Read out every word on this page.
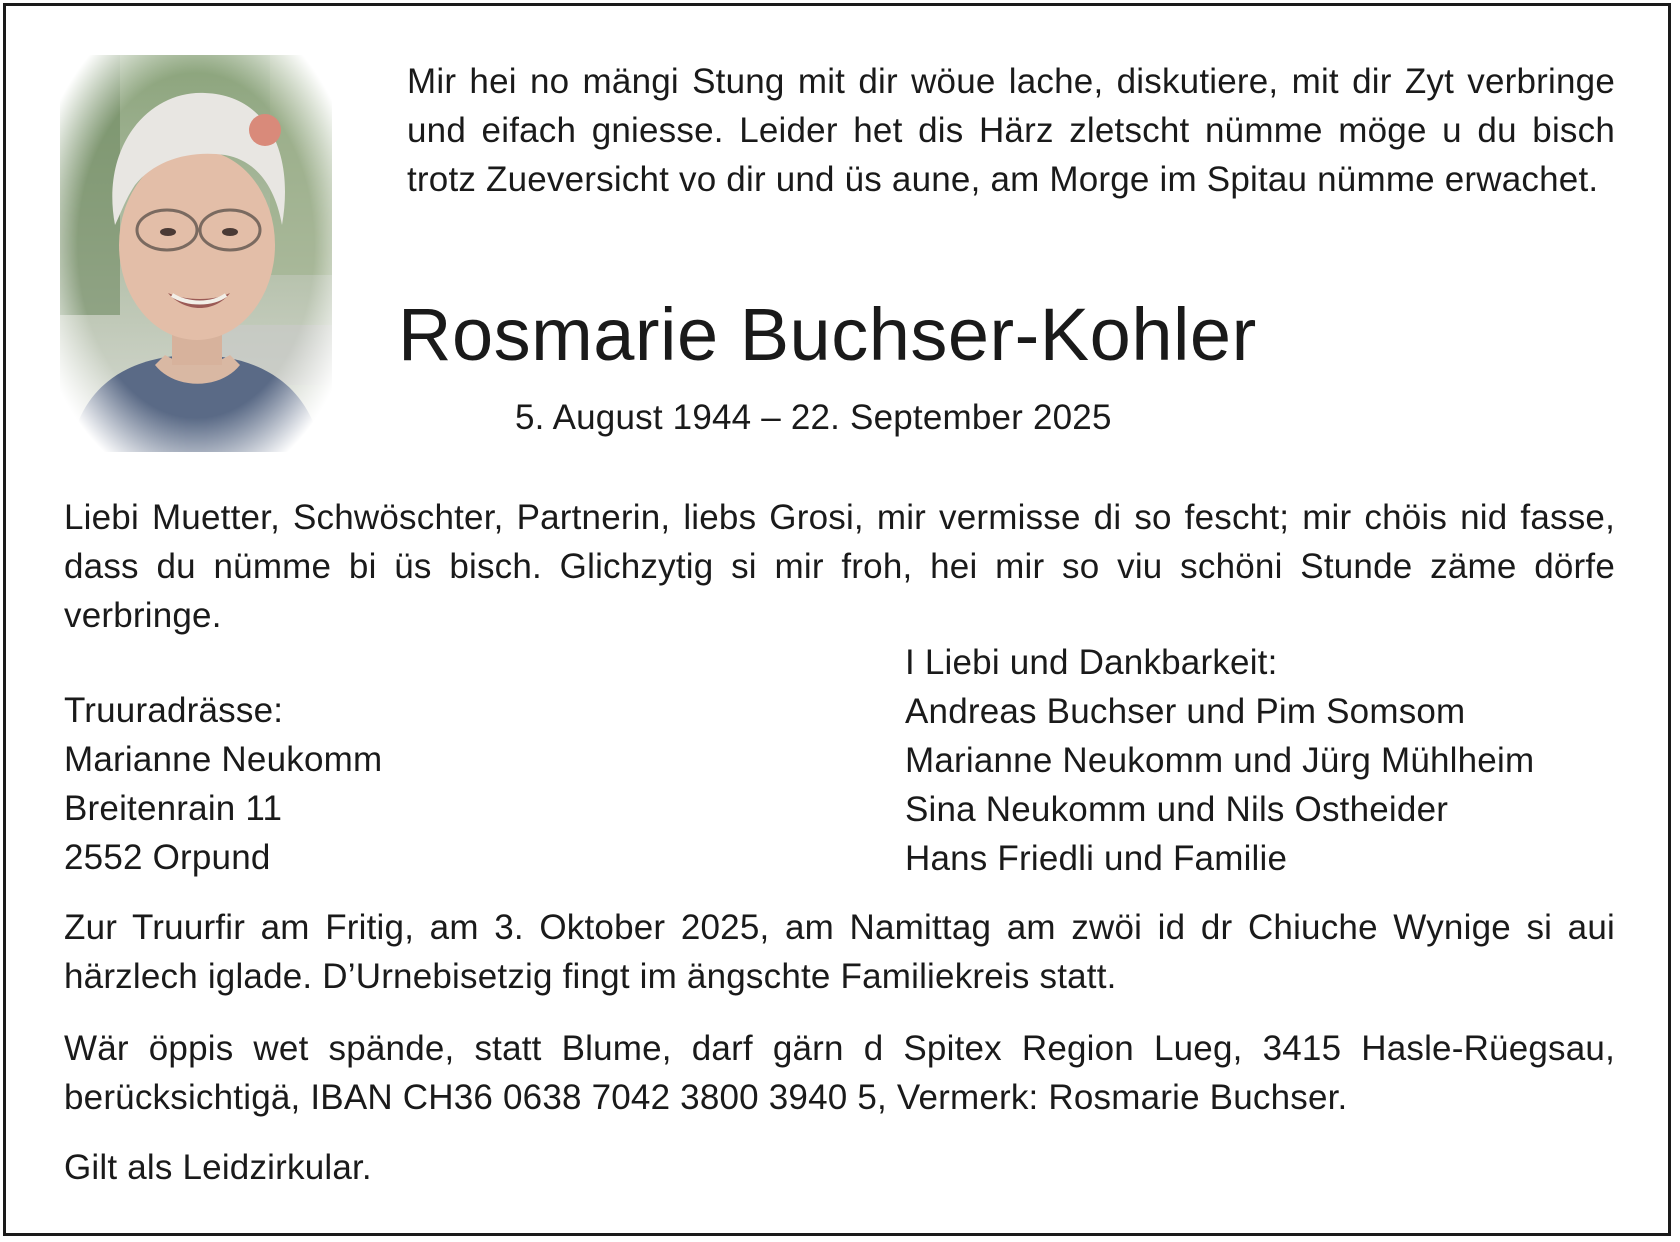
Mir hei no mängi Stung mit dir wöue lache, diskutiere, mit dir Zyt verbringe und eifach gniesse. Leider het dis Härz zletscht nümme möge u du bisch trotz Zueversicht vo dir und üs aune, am Morge im Spitau nümme erwachet.

Rosmarie Buchser-Kohler
5. August 1944 – 22. September 2025

Liebi Muetter, Schwöschter, Partnerin, liebs Grosi, mir vermisse di so fescht; mir chöis nid fasse, dass du nümme bi üs bisch. Glichzytig si mir froh, hei mir so viu schöni Stunde zäme dörfe verbringe.

I Liebi und Dankbarkeit:
Andreas Buchser und Pim Somsom
Marianne Neukomm und Jürg Mühlheim
Sina Neukomm und Nils Ostheider
Hans Friedli und Familie
Truuradrässe:
Marianne Neukomm
Breitenrain 11
2552 Orpund

Zur Truurfir am Fritig, am 3. Oktober 2025, am Namittag am zwöi id dr Chiuche Wynige si aui härzlech iglade. D’Urnebisetzig fingt im ängschte Familiekreis statt.

Wär öppis wet spände, statt Blume, darf gärn d Spitex Region Lueg, 3415 Hasle-Rüegsau, berücksichtigä, IBAN CH36 0638 7042 3800 3940 5, Vermerk: Rosmarie Buchser.

Gilt als Leidzirkular.
